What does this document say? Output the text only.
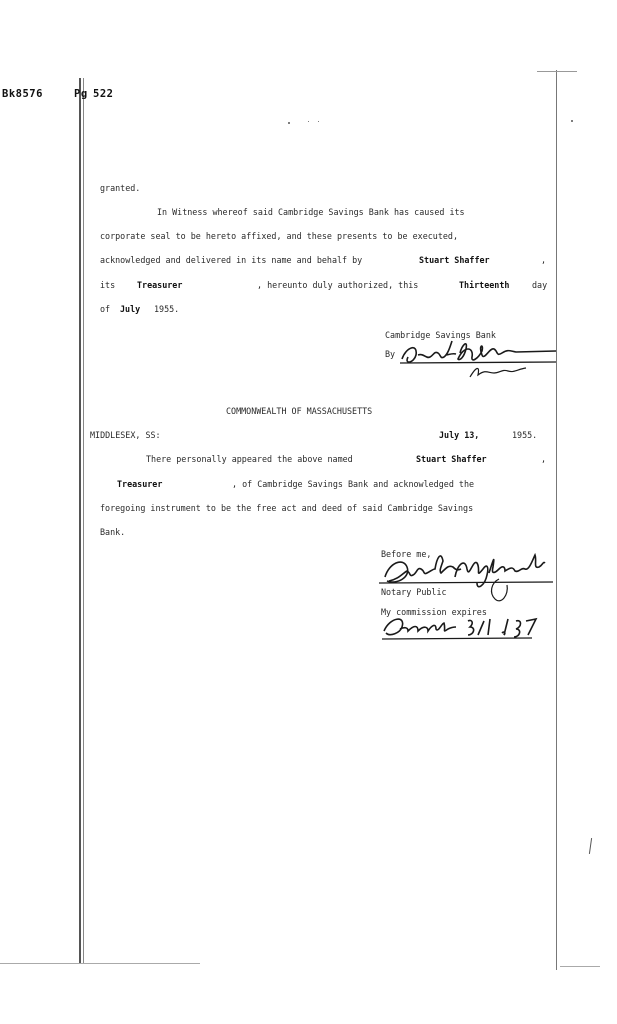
Bk8576	Pg 522
granted.
In Witness whereof said Cambridge Savings Bank has caused its
corporate seal to be hereto affixed, and these presents to be executed,
acknowledged and delivered in its name and behalf by	Stuart Shaffer	,
its	Treasurer	, hereunto duly authorized, this	Thirteenth	day
of July 1955.
Cambridge Savings Bank
By
COMMONWEALTH OF MASSACHUSETTS
MIDDLESEX, SS:	July 13,	1955.
There personally appeared the above named	Stuart Shaffer	,
Treasurer	, of Cambridge Savings Bank and acknowledged the
foregoing instrument to be the free act and deed of said Cambridge Savings
Bank.
Before me,
Notary Public
My commission expires
